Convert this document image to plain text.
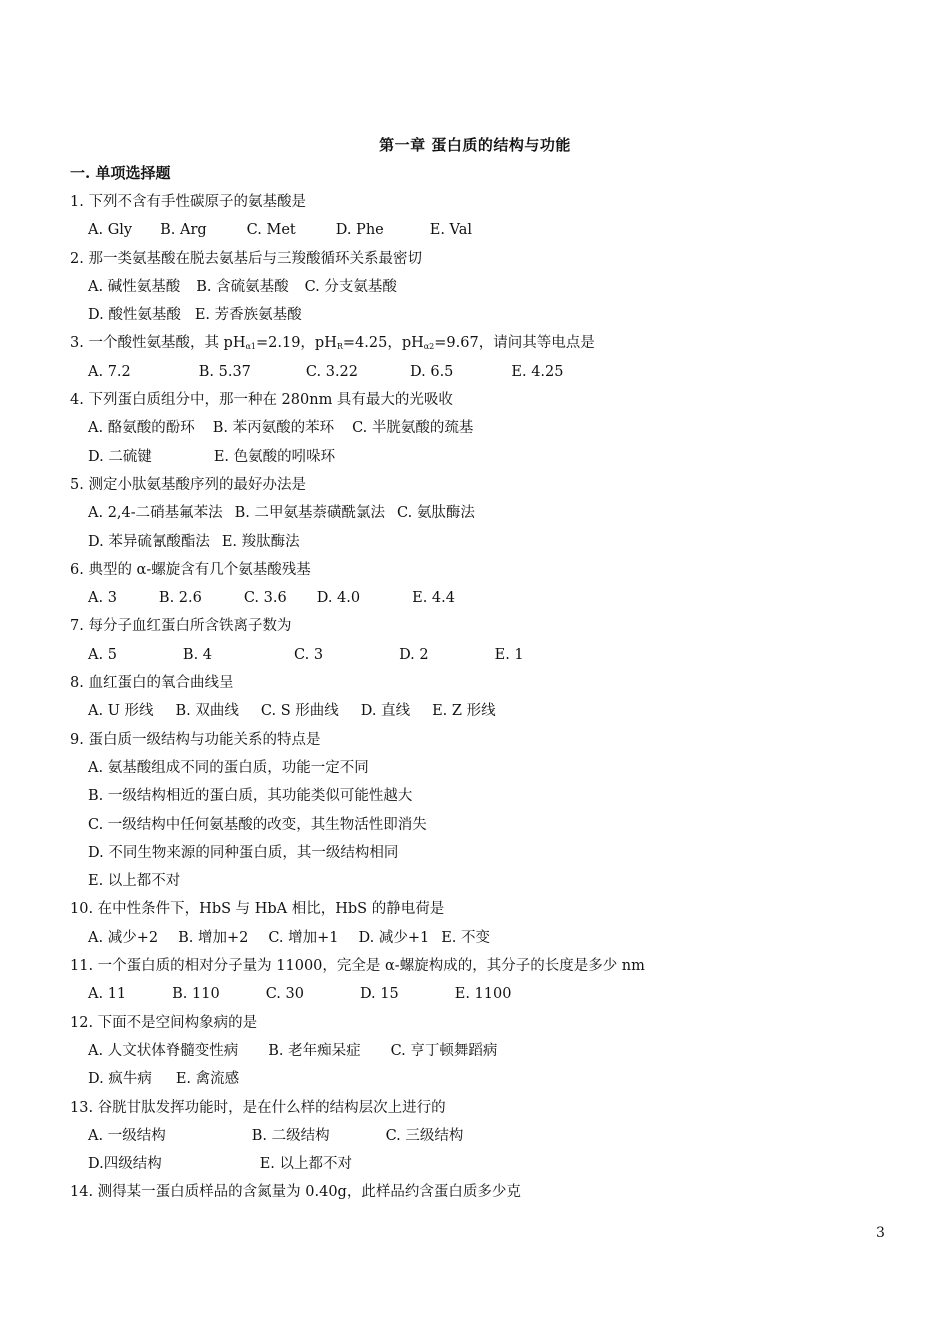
第一章 蛋白质的结构与功能
一. 单项选择题
1. 下列不含有手性碳原子的氨基酸是
A. Gly B. Arg	C. Met	D. Phe	E. Val
2. 那一类氨基酸在脱去氨基后与三羧酸循环关系最密切
A. 碱性氨基酸 B. 含硫氨基酸 C. 分支氨基酸
D. 酸性氨基酸 E. 芳香族氨基酸
3. 一个酸性氨基酸，其 $pH_{\alpha 1}=2.19$，$pH_R=4.25$，$pH_{\alpha 2}=9.67$，请问其等电点是
A. 7.2	B. 5.37	C. 3.22	D. 6.5	E. 4.25
4. 下列蛋白质组分中，那一种在 280nm 具有最大的光吸收
A. 酪氨酸的酚环 B. 苯丙氨酸的苯环 C. 半胱氨酸的巯基
D. 二硫键	E. 色氨酸的吲哚环
5. 测定小肽氨基酸序列的最好办法是
A. 2,4-二硝基氟苯法 B. 二甲氨基萘磺酰氯法 C. 氨肽酶法
D. 苯异硫氰酸酯法 E. 羧肽酶法
6. 典型的 α-螺旋含有几个氨基酸残基
A. 3	B. 2.6	C. 3.6 D. 4.0	E. 4.4
7. 每分子血红蛋白所含铁离子数为
A. 5	B. 4	C. 3	D. 2	E. 1
8. 血红蛋白的氧合曲线呈
A. U 形线 B. 双曲线 C. S 形曲线 D. 直线 E. Z 形线
9. 蛋白质一级结构与功能关系的特点是
A. 氨基酸组成不同的蛋白质，功能一定不同
B. 一级结构相近的蛋白质，其功能类似可能性越大
C. 一级结构中任何氨基酸的改变，其生物活性即消失
D. 不同生物来源的同种蛋白质，其一级结构相同
E. 以上都不对
10. 在中性条件下，HbS 与 HbA 相比，HbS 的静电荷是
A. 减少+2 B. 增加+2 C. 增加+1 D. 减少+1 E. 不变
11. 一个蛋白质的相对分子量为 11000，完全是 α-螺旋构成的，其分子的长度是多少 nm
A. 11	B. 110	C. 30	D. 15	E. 1100
12. 下面不是空间构象病的是
A. 人文状体脊髓变性病 B. 老年痴呆症 C. 亨丁顿舞蹈病
D. 疯牛病 E. 禽流感
13. 谷胱甘肽发挥功能时，是在什么样的结构层次上进行的
A. 一级结构	B. 二级结构	C. 三级结构
D.四级结构	E. 以上都不对
14. 测得某一蛋白质样品的含氮量为 0.40g，此样品约含蛋白质多少克
3
